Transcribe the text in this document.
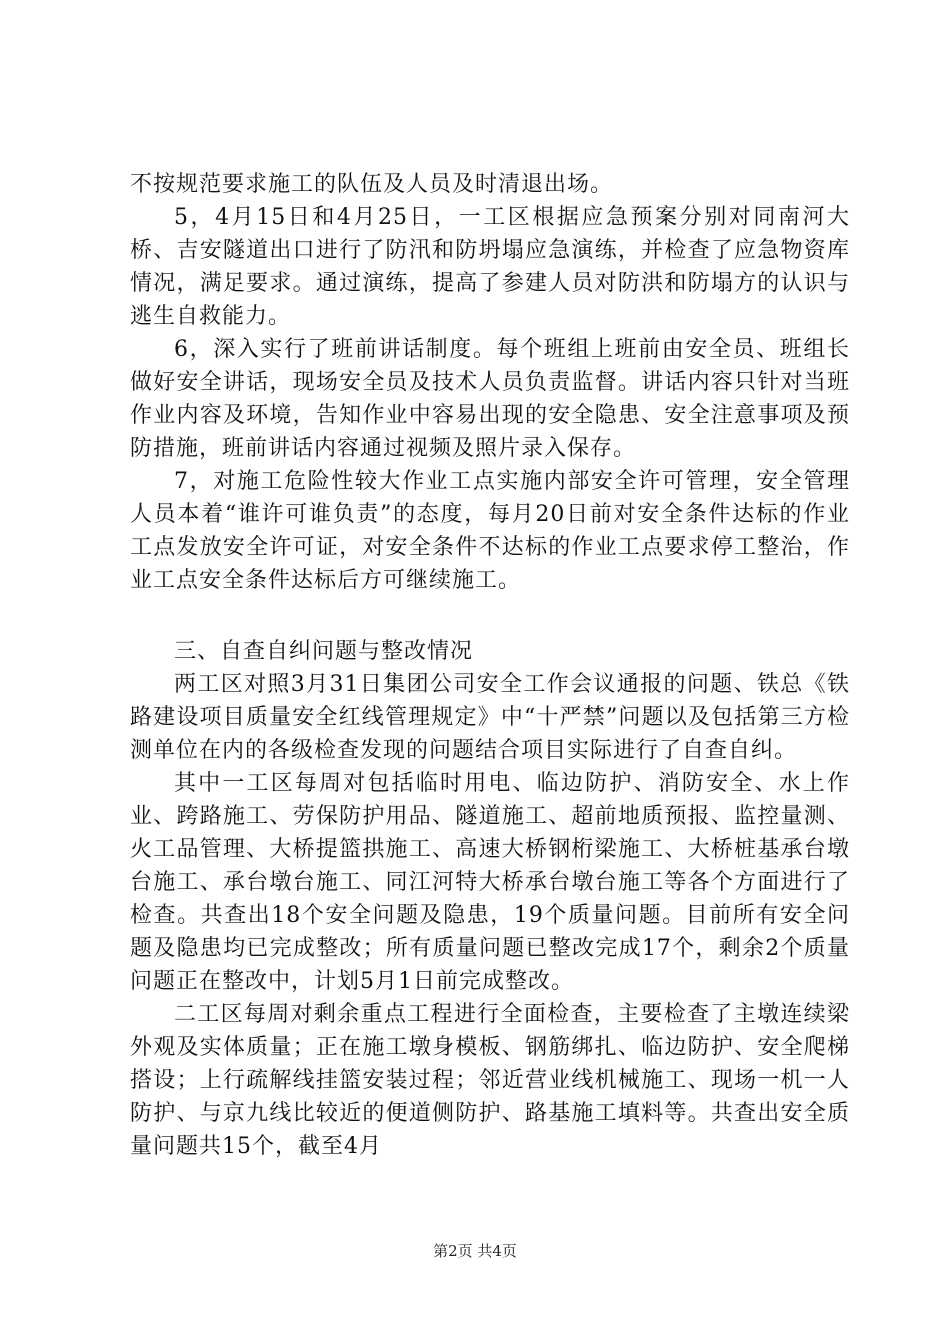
不按规范要求施工的队伍及人员及时清退出场。

5，4月15日和4月25日，一工区根据应急预案分别对同南河大桥、吉安隧道出口进行了防汛和防坍塌应急演练，并检查了应急物资库情况，满足要求。通过演练，提高了参建人员对防洪和防塌方的认识与逃生自救能力。

6，深入实行了班前讲话制度。每个班组上班前由安全员、班组长做好安全讲话，现场安全员及技术人员负责监督。讲话内容只针对当班作业内容及环境，告知作业中容易出现的安全隐患、安全注意事项及预防措施，班前讲话内容通过视频及照片录入保存。

7，对施工危险性较大作业工点实施内部安全许可管理，安全管理人员本着“谁许可谁负责”的态度，每月20日前对安全条件达标的作业工点发放安全许可证，对安全条件不达标的作业工点要求停工整治，作业工点安全条件达标后方可继续施工。

三、自查自纠问题与整改情况

两工区对照3月31日集团公司安全工作会议通报的问题、铁总《铁路建设项目质量安全红线管理规定》中“十严禁”问题以及包括第三方检测单位在内的各级检查发现的问题结合项目实际进行了自查自纠。

其中一工区每周对包括临时用电、临边防护、消防安全、水上作业、跨路施工、劳保防护用品、隧道施工、超前地质预报、监控量测、火工品管理、大桥提篮拱施工、高速大桥钢桁梁施工、大桥桩基承台墩台施工、承台墩台施工、同江河特大桥承台墩台施工等各个方面进行了检查。共查出18个安全问题及隐患，19个质量问题。目前所有安全问题及隐患均已完成整改；所有质量问题已整改完成17个，剩余2个质量问题正在整改中，计划5月1日前完成整改。

二工区每周对剩余重点工程进行全面检查，主要检查了主墩连续梁外观及实体质量；正在施工墩身模板、钢筋绑扎、临边防护、安全爬梯搭设；上行疏解线挂篮安装过程；邻近营业线机械施工、现场一机一人防护、与京九线比较近的便道侧防护、路基施工填料等。共查出安全质量问题共15个，截至4月

第2页 共4页
